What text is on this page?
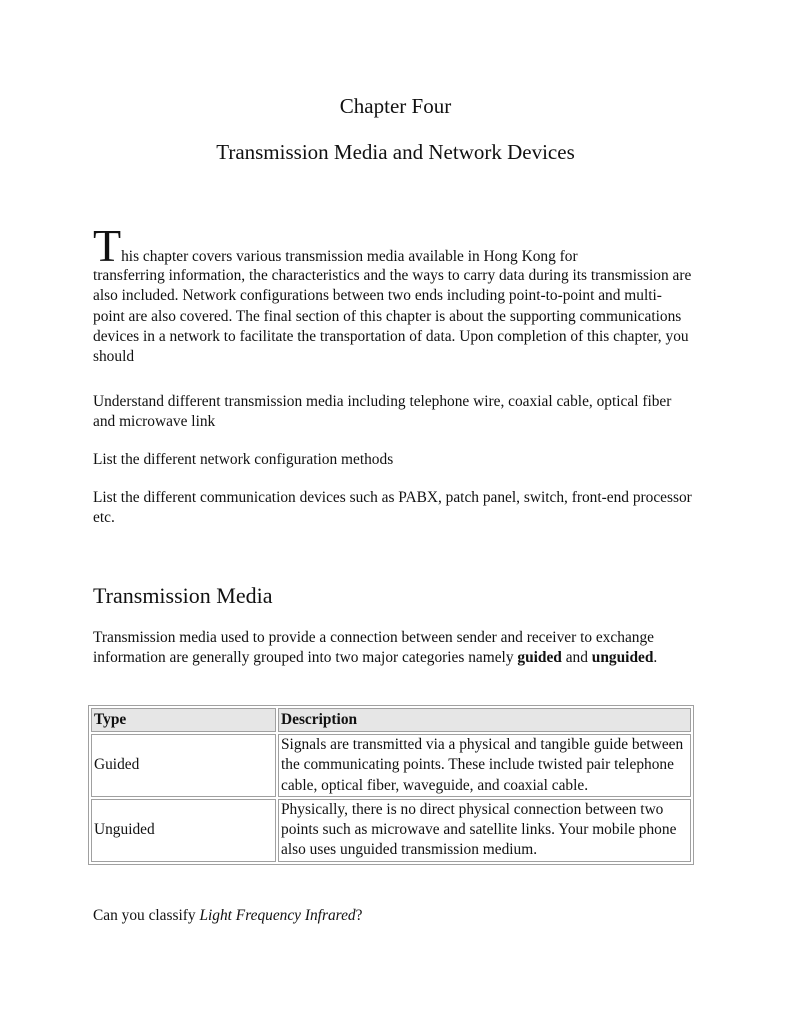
Chapter Four
Transmission Media and Network Devices
This chapter covers various transmission media available in Hong Kong for
transferring information, the characteristics and the ways to carry data during its transmission are also included. Network configurations between two ends including point-to-point and multi-point are also covered. The final section of this chapter is about the supporting communications devices in a network to facilitate the transportation of data. Upon completion of this chapter, you should

Understand different transmission media including telephone wire, coaxial cable, optical fiber and microwave link

List the different network configuration methods

List the different communication devices such as PABX, patch panel, switch, front-end processor etc.

Transmission Media

Transmission media used to provide a connection between sender and receiver to exchange information are generally grouped into two major categories namely guided and unguided.

Type	Description
Guided	Signals are transmitted via a physical and tangible guide between the communicating points. These include twisted pair telephone cable, optical fiber, waveguide, and coaxial cable.
Unguided	Physically, there is no direct physical connection between two points such as microwave and satellite links. Your mobile phone also uses unguided transmission medium.
Can you classify Light Frequency Infrared?
